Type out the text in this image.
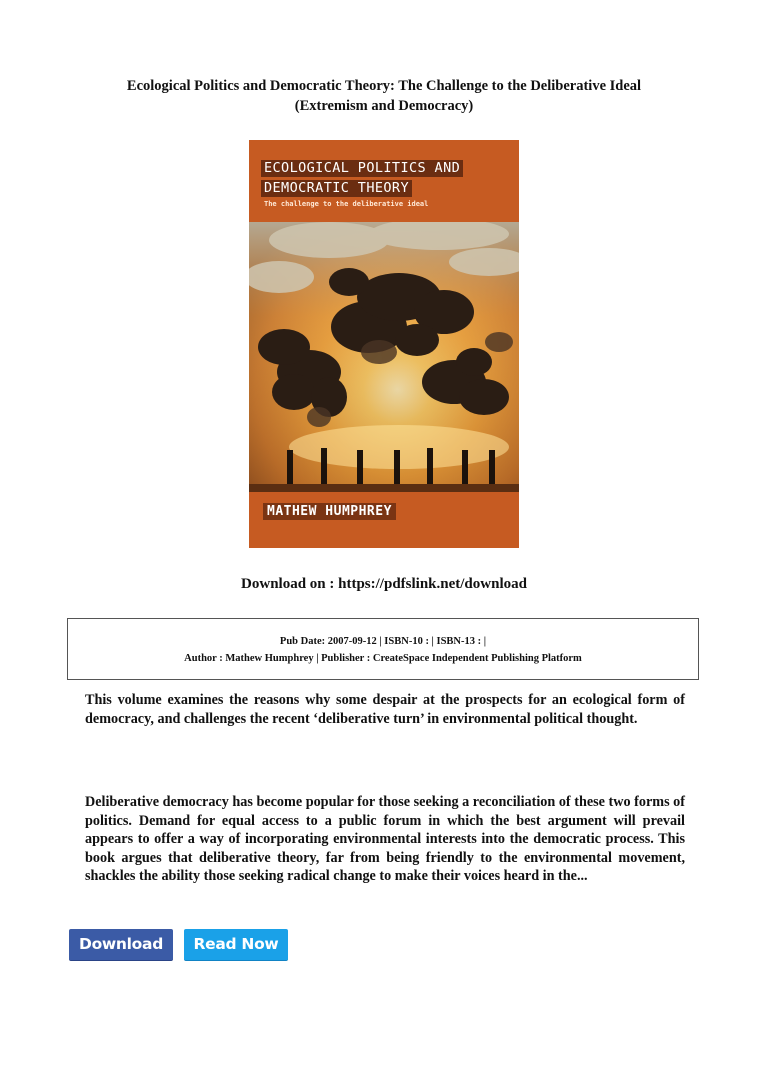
Ecological Politics and Democratic Theory: The Challenge to the Deliberative Ideal
(Extremism and Democracy)
ECOLOGICAL POLITICS AND
DEMOCRATIC THEORY
The challenge to the deliberative ideal
MATHEW HUMPHREY
Download on : https://pdfslink.net/download
Pub Date: 2007-09-12 | ISBN-10 : | ISBN-13 : |
Author : Mathew Humphrey | Publisher : CreateSpace Independent Publishing Platform

This volume examines the reasons why some despair at the prospects for an ecological form of democracy, and challenges the recent ‘deliberative turn’ in environmental political thought.

Deliberative democracy has become popular for those seeking a reconciliation of these two forms of politics. Demand for equal access to a public forum in which the best argument will prevail appears to offer a way of incorporating environmental interests into the democratic process. This book argues that deliberative theory, far from being friendly to the environmental movement, shackles the ability those seeking radical change to make their voices heard in the...

Download	Read Now
